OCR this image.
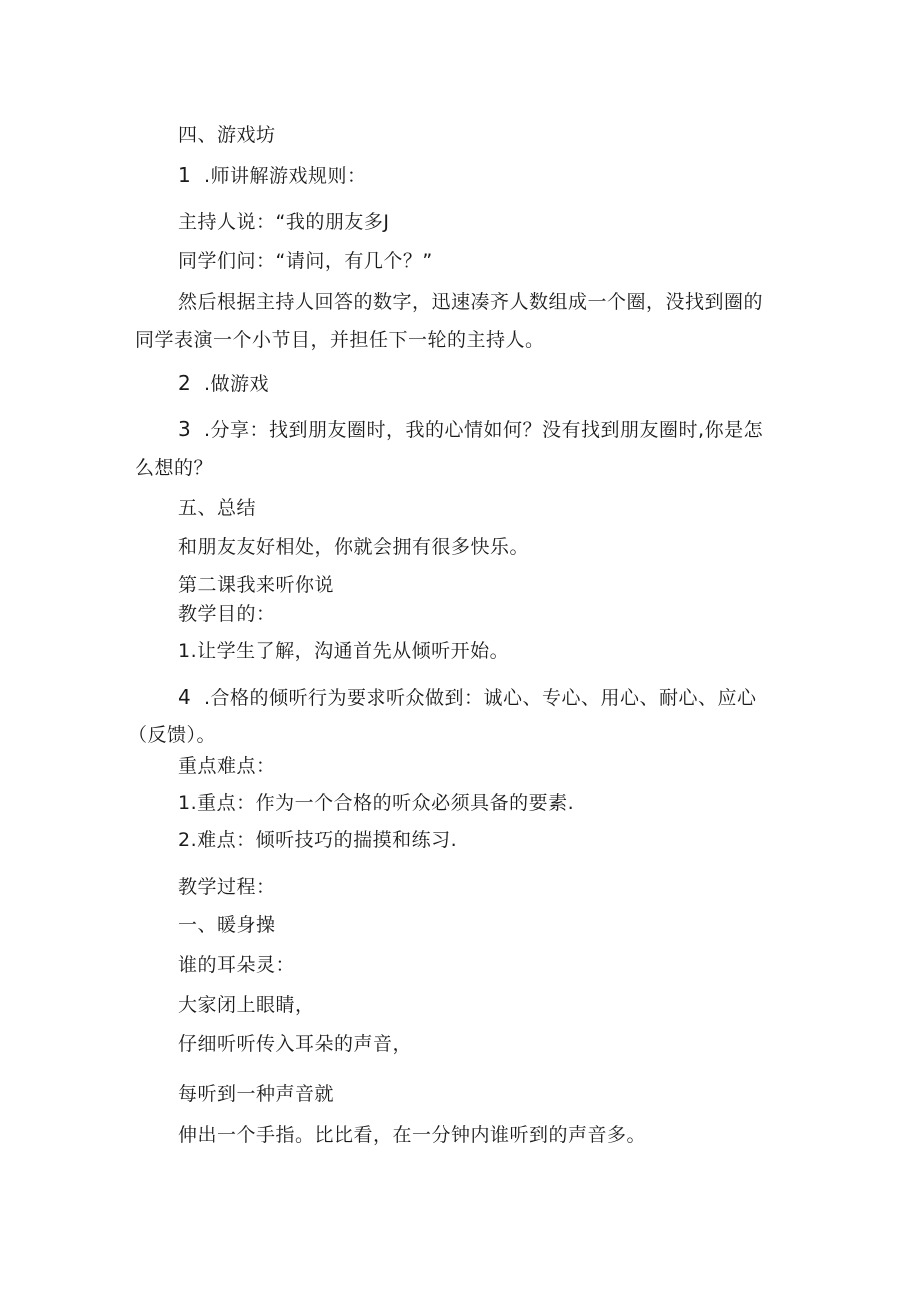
四、游戏坊
1 .师讲解游戏规则：
主持人说：“我的朋友多J
同学们问：“请问，有几个？”
然后根据主持人回答的数字，迅速凑齐人数组成一个圈，没找到圈的
同学表演一个小节目，并担任下一轮的主持人。
2 .做游戏
3 .分享：找到朋友圈时，我的心情如何？没有找到朋友圈时,你是怎
么想的？
五、总结
和朋友友好相处，你就会拥有很多快乐。
第二课我来听你说
教学目的：
1.让学生了解，沟通首先从倾听开始。
4 .合格的倾听行为要求听众做到：诚心、专心、用心、耐心、应心
（反馈）。
重点难点：
1.重点：作为一个合格的听众必须具备的要素.
2.难点：倾听技巧的揣摸和练习.
教学过程：
一、暖身操
谁的耳朵灵：
大家闭上眼睛，
仔细听听传入耳朵的声音，
每听到一种声音就
伸出一个手指。比比看，在一分钟内谁听到的声音多。
